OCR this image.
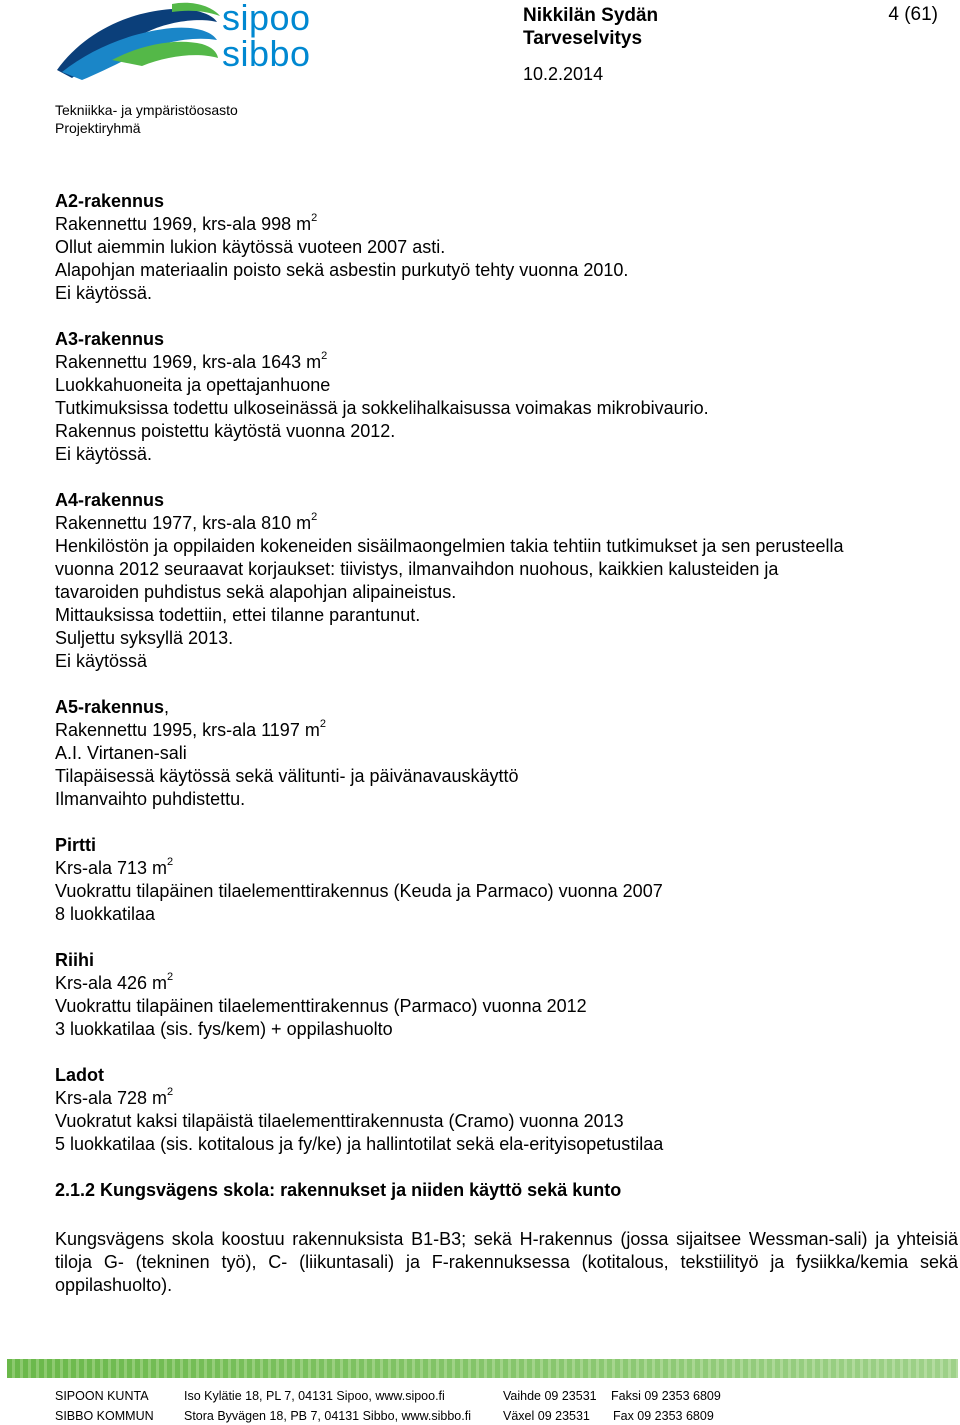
sipoo
sibbo
Nikkilän Sydän
Tarveselvitys
10.2.2014
4 (61)
Tekniikka- ja ympäristöosasto
Projektiryhmä
A2-rakennus
Rakennettu 1969, krs-ala 998 $m^2$
Ollut aiemmin lukion käytössä vuoteen 2007 asti.
Alapohjan materiaalin poisto sekä asbestin purkutyö tehty vuonna 2010.
Ei käytössä.
A3-rakennus
Rakennettu 1969, krs-ala 1643 $m^2$
Luokkahuoneita ja opettajanhuone
Tutkimuksissa todettu ulkoseinässä ja sokkelihalkaisussa voimakas mikrobivaurio.
Rakennus poistettu käytöstä vuonna 2012.
Ei käytössä.
A4-rakennus
Rakennettu 1977, krs-ala 810 $m^2$
Henkilöstön ja oppilaiden kokeneiden sisäilmaongelmien takia tehtiin tutkimukset ja sen perusteella
vuonna 2012 seuraavat korjaukset: tiivistys, ilmanvaihdon nuohous, kaikkien kalusteiden ja
tavaroiden puhdistus sekä alapohjan alipaineistus.
Mittauksissa todettiin, ettei tilanne parantunut.
Suljettu syksyllä 2013.
Ei käytössä
A5-rakennus,
Rakennettu 1995, krs-ala 1197 $m^2$
A.I. Virtanen-sali
Tilapäisessä käytössä sekä välitunti- ja päivänavauskäyttö
Ilmanvaihto puhdistettu.
Pirtti
Krs-ala 713 $m^2$
Vuokrattu tilapäinen tilaelementtirakennus (Keuda ja Parmaco) vuonna 2007
8 luokkatilaa
Riihi
Krs-ala 426 $m^2$
Vuokrattu tilapäinen tilaelementtirakennus (Parmaco) vuonna 2012
3 luokkatilaa (sis. fys/kem) + oppilashuolto
Ladot
Krs-ala 728 $m^2$
Vuokratut kaksi tilapäistä tilaelementtirakennusta (Cramo) vuonna 2013
5 luokkatilaa (sis. kotitalous ja fy/ke) ja hallintotilat sekä ela-erityisopetustilaa
2.1.2 Kungsvägens skola: rakennukset ja niiden käyttö sekä kunto
Kungsvägens skola koostuu rakennuksista B1-B3; sekä H-rakennus (jossa sijaitsee Wessman-sali) ja yhteisiä tiloja G- (tekninen työ), C- (liikuntasali) ja F-rakennuksessa (kotitalous, tekstiilityö ja fysiikka/kemia sekä oppilashuolto).
SIPOON KUNTA	Iso Kylätie 18, PL 7, 04131 Sipoo, www.sipoo.fi	Vaihde 09 23531 Faksi 09 2353 6809
SIBBO KOMMUN Stora Byvägen 18, PB 7, 04131 Sibbo, www.sibbo.fi	Växel 09 23531 Fax 09 2353 6809
